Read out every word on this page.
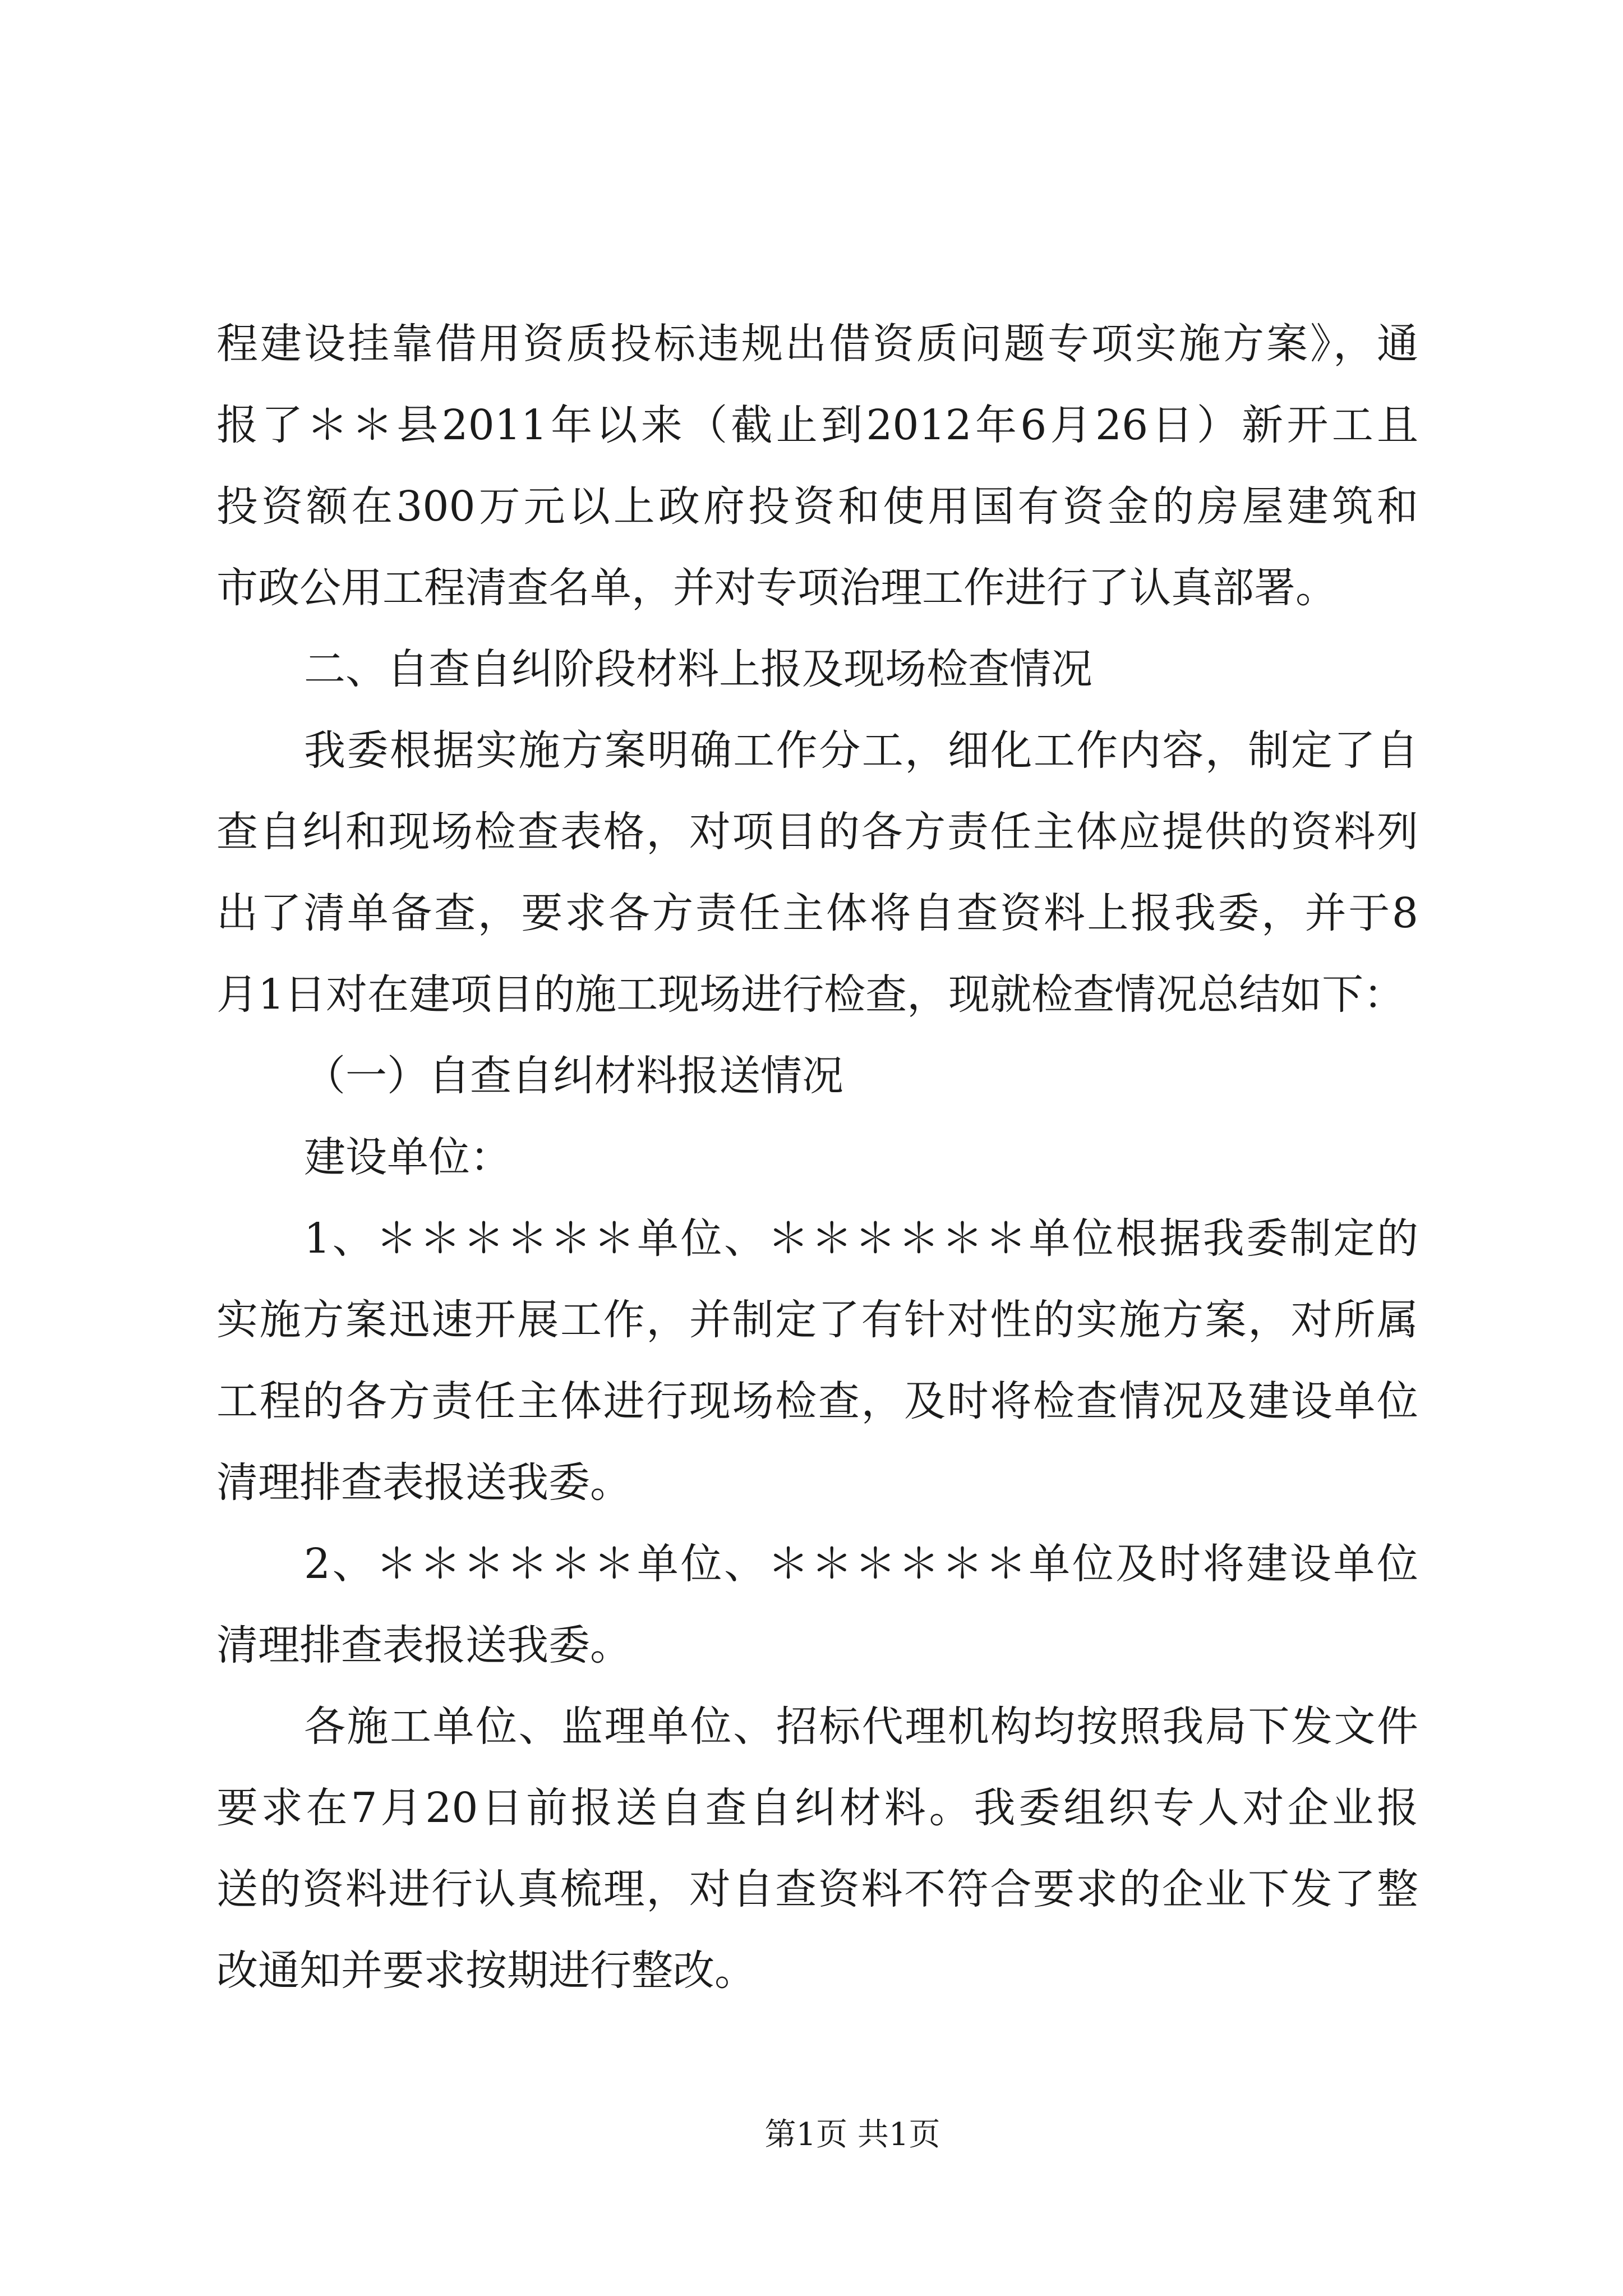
程建设挂靠借用资质投标违规出借资质问题专项实施方案》，通
报了＊＊县2011年以来（截止到2012年6月26日）新开工且
投资额在300万元以上政府投资和使用国有资金的房屋建筑和
市政公用工程清查名单，并对专项治理工作进行了认真部署。
二、自查自纠阶段材料上报及现场检查情况
我委根据实施方案明确工作分工，细化工作内容，制定了自
查自纠和现场检查表格，对项目的各方责任主体应提供的资料列
出了清单备查，要求各方责任主体将自查资料上报我委，并于8
月1日对在建项目的施工现场进行检查，现就检查情况总结如下：
（一）自查自纠材料报送情况
建设单位：
1、＊＊＊＊＊＊单位、＊＊＊＊＊＊单位根据我委制定的
实施方案迅速开展工作，并制定了有针对性的实施方案，对所属
工程的各方责任主体进行现场检查，及时将检查情况及建设单位
清理排查表报送我委。
2、＊＊＊＊＊＊单位、＊＊＊＊＊＊单位及时将建设单位
清理排查表报送我委。
各施工单位、监理单位、招标代理机构均按照我局下发文件
要求在7月20日前报送自查自纠材料。我委组织专人对企业报
送的资料进行认真梳理，对自查资料不符合要求的企业下发了整
改通知并要求按期进行整改。
第1页 共1页
